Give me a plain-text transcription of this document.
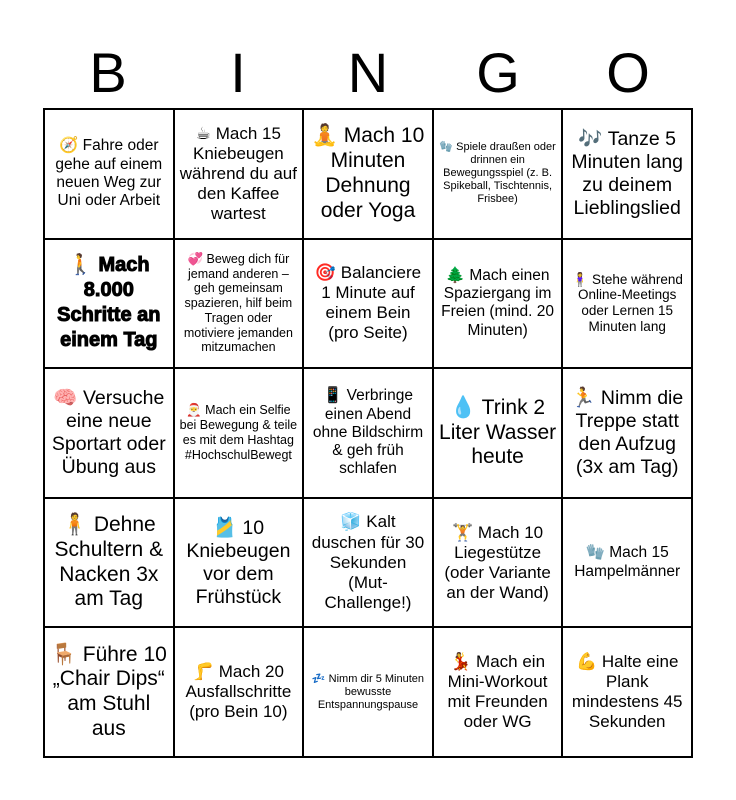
B	I	N	G	O
🧭 Fahre oder gehe auf einem neuen Weg zur Uni oder Arbeit
☕ Mach 15 Kniebeugen während du auf den Kaffee wartest
🧘 Mach 10 Minuten Dehnung oder Yoga
🧤 Spiele draußen oder drinnen ein Bewegungsspiel (z. B. Spikeball, Tischtennis, Frisbee)
🎶 Tanze 5 Minuten lang zu deinem Lieblingslied
🚶 Mach 8.000 Schritte an einem Tag
💞 Beweg dich für jemand anderen – geh gemeinsam spazieren, hilf beim Tragen oder motiviere jemanden mitzumachen
🎯 Balanciere 1 Minute auf einem Bein (pro Seite)
🌲 Mach einen Spaziergang im Freien (mind. 20 Minuten)
🧍‍♀️ Stehe während Online-Meetings oder Lernen 15 Minuten lang
🧠 Versuche eine neue Sportart oder Übung aus
🎅 Mach ein Selfie bei Bewegung & teile es mit dem Hashtag #HochschulBewegt
📱 Verbringe einen Abend ohne Bildschirm & geh früh schlafen
💧 Trink 2 Liter Wasser heute
🏃 Nimm die Treppe statt den Aufzug (3x am Tag)
🧍 Dehne Schultern & Nacken 3x am Tag
🎽 10 Kniebeugen vor dem Frühstück
🧊 Kalt duschen für 30 Sekunden (Mut-Challenge!)
🏋️ Mach 10 Liegestütze (oder Variante an der Wand)
🧤 Mach 15 Hampelmänner
🪑 Führe 10 „Chair Dips“ am Stuhl aus
🦵 Mach 20 Ausfallschritte (pro Bein 10)
💤 Nimm dir 5 Minuten bewusste Entspannungspause
💃 Mach ein Mini-Workout mit Freunden oder WG
💪 Halte eine Plank mindestens 45 Sekunden
